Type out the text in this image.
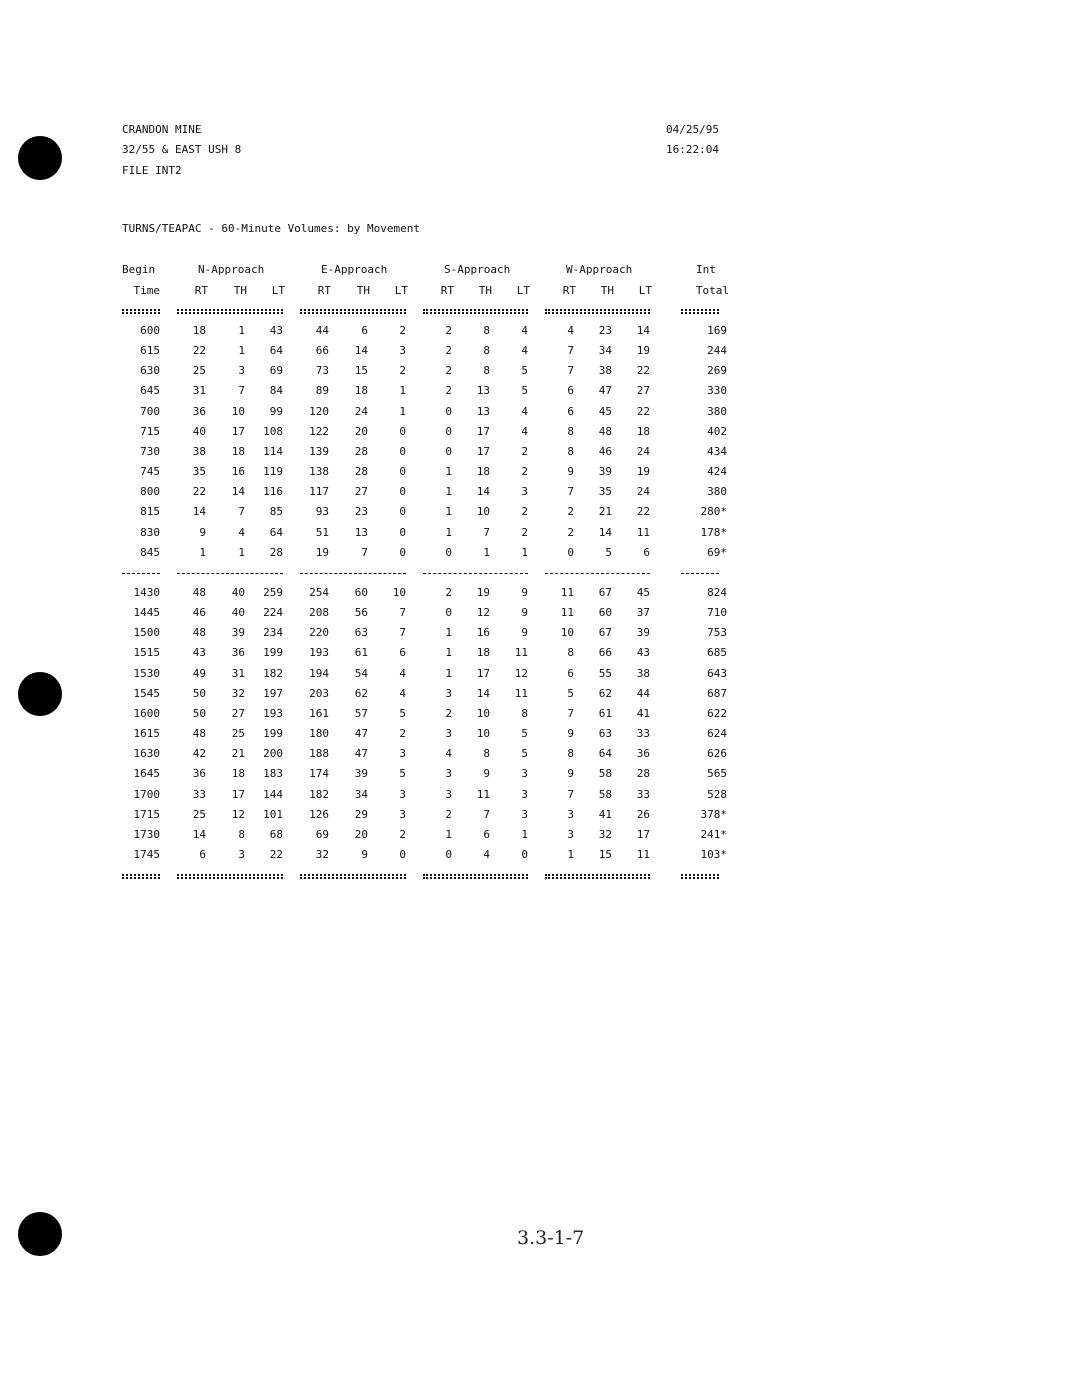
CRANDON MINE
32/55 & EAST USH 8
FILE INT2
04/25/95
16:22:04
TURNS/TEAPAC - 60-Minute Volumes: by Movement
Begin	N-Approach	E-Approach	S-Approach	W-Approach	Int
Time	RT	TH	LT	RT	TH	LT	RT	TH	LT	RT	TH	LT	Total
600	18	1	43	44	6	2	2	8	4	4	23	14	169
615	22	1	64	66	14	3	2	8	4	7	34	19	244
630	25	3	69	73	15	2	2	8	5	7	38	22	269
645	31	7	84	89	18	1	2	13	5	6	47	27	330
700	36	10	99	120	24	1	0	13	4	6	45	22	380
715	40	17	108	122	20	0	0	17	4	8	48	18	402
730	38	18	114	139	28	0	0	17	2	8	46	24	434
745	35	16	119	138	28	0	1	18	2	9	39	19	424
800	22	14	116	117	27	0	1	14	3	7	35	24	380
815	14	7	85	93	23	0	1	10	2	2	21	22	280*
830	9	4	64	51	13	0	1	7	2	2	14	11	178*
845	1	1	28	19	7	0	0	1	1	0	5	6	69*
1430	48	40	259	254	60	10	2	19	9	11	67	45	824
1445	46	40	224	208	56	7	0	12	9	11	60	37	710
1500	48	39	234	220	63	7	1	16	9	10	67	39	753
1515	43	36	199	193	61	6	1	18	11	8	66	43	685
1530	49	31	182	194	54	4	1	17	12	6	55	38	643
1545	50	32	197	203	62	4	3	14	11	5	62	44	687
1600	50	27	193	161	57	5	2	10	8	7	61	41	622
1615	48	25	199	180	47	2	3	10	5	9	63	33	624
1630	42	21	200	188	47	3	4	8	5	8	64	36	626
1645	36	18	183	174	39	5	3	9	3	9	58	28	565
1700	33	17	144	182	34	3	3	11	3	7	58	33	528
1715	25	12	101	126	29	3	2	7	3	3	41	26	378*
1730	14	8	68	69	20	2	1	6	1	3	32	17	241*
1745	6	3	22	32	9	0	0	4	0	1	15	11	103*
3.3-1-7
